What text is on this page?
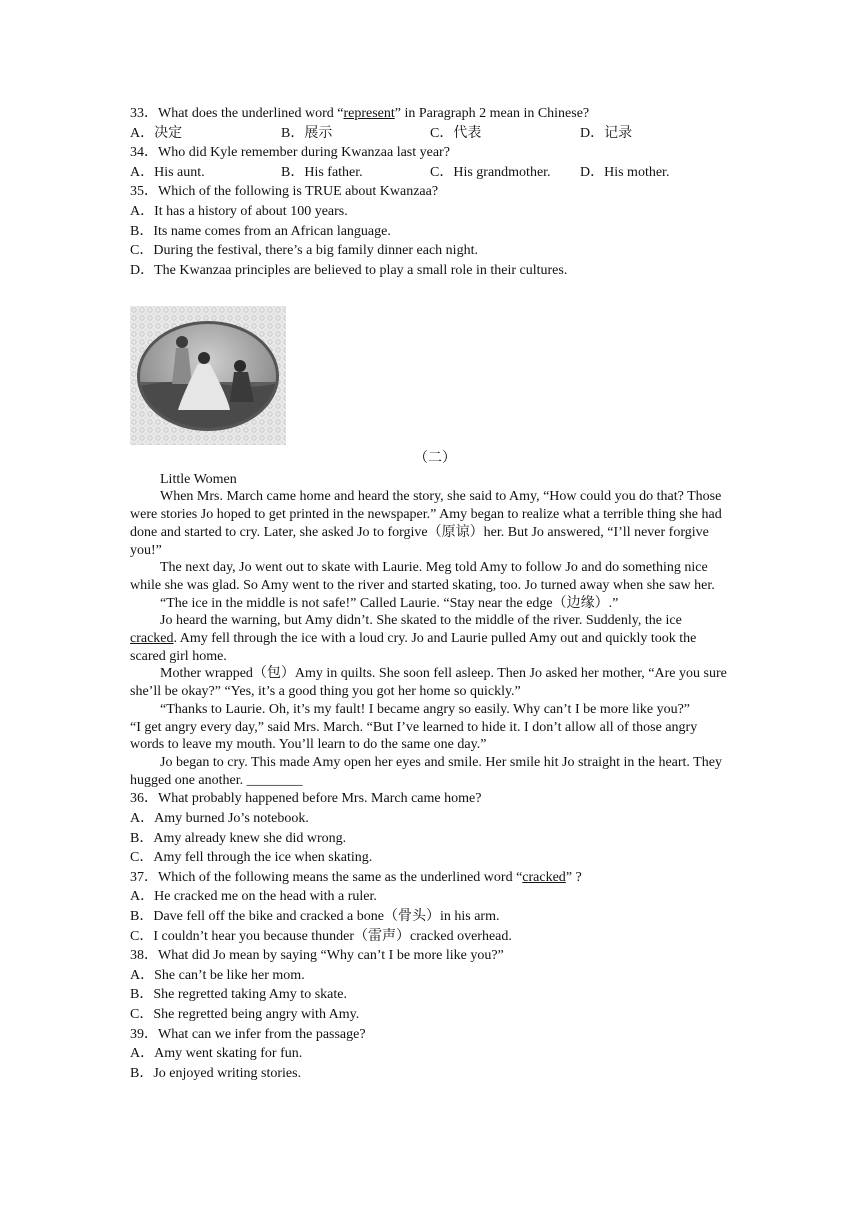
33．What does the underlined word “represent” in Paragraph 2 mean in Chinese?
A．决定	B．展示	C．代表	D．记录
34．Who did Kyle remember during Kwanzaa last year?
A．His aunt.	B．His father.	C．His grandmother.	D．His mother.
35．Which of the following is TRUE about Kwanzaa?
A．It has a history of about 100 years.
B．Its name comes from an African language.
C．During the festival, there’s a big family dinner each night.
D．The Kwanzaa principles are believed to play a small role in their cultures.
（二）
Little Women
When Mrs. March came home and heard the story, she said to Amy, “How could you do that? Those were stories Jo hoped to get printed in the newspaper.” Amy began to realize what a terrible thing she had done and started to cry. Later, she asked Jo to forgive（原谅）her. But Jo answered, “I’ll never forgive you!”
The next day, Jo went out to skate with Laurie. Meg told Amy to follow Jo and do something nice while she was glad. So Amy went to the river and started skating, too. Jo turned away when she saw her.
“The ice in the middle is not safe!” Called Laurie. “Stay near the edge（边缘）.”
Jo heard the warning, but Amy didn’t. She skated to the middle of the river. Suddenly, the ice cracked. Amy fell through the ice with a loud cry. Jo and Laurie pulled Amy out and quickly took the scared girl home.
Mother wrapped（包）Amy in quilts. She soon fell asleep. Then Jo asked her mother, “Are you sure she’ll be okay?” “Yes, it’s a good thing you got her home so quickly.”
“Thanks to Laurie. Oh, it’s my fault! I became angry so easily. Why can’t I be more like you?”
“I get angry every day,” said Mrs. March. “But I’ve learned to hide it. I don’t allow all of those angry words to leave my mouth. You’ll learn to do the same one day.”
Jo began to cry. This made Amy open her eyes and smile. Her smile hit Jo straight in the heart. They hugged one another. ________
36．What probably happened before Mrs. March came home?
A．Amy burned Jo’s notebook.
B．Amy already knew she did wrong.
C．Amy fell through the ice when skating.
37．Which of the following means the same as the underlined word “cracked” ?
A．He cracked me on the head with a ruler.
B．Dave fell off the bike and cracked a bone（骨头）in his arm.
C．I couldn’t hear you because thunder（雷声）cracked overhead.
38．What did Jo mean by saying “Why can’t I be more like you?”
A．She can’t be like her mom.
B．She regretted taking Amy to skate.
C．She regretted being angry with Amy.
39．What can we infer from the passage?
A．Amy went skating for fun.
B．Jo enjoyed writing stories.
